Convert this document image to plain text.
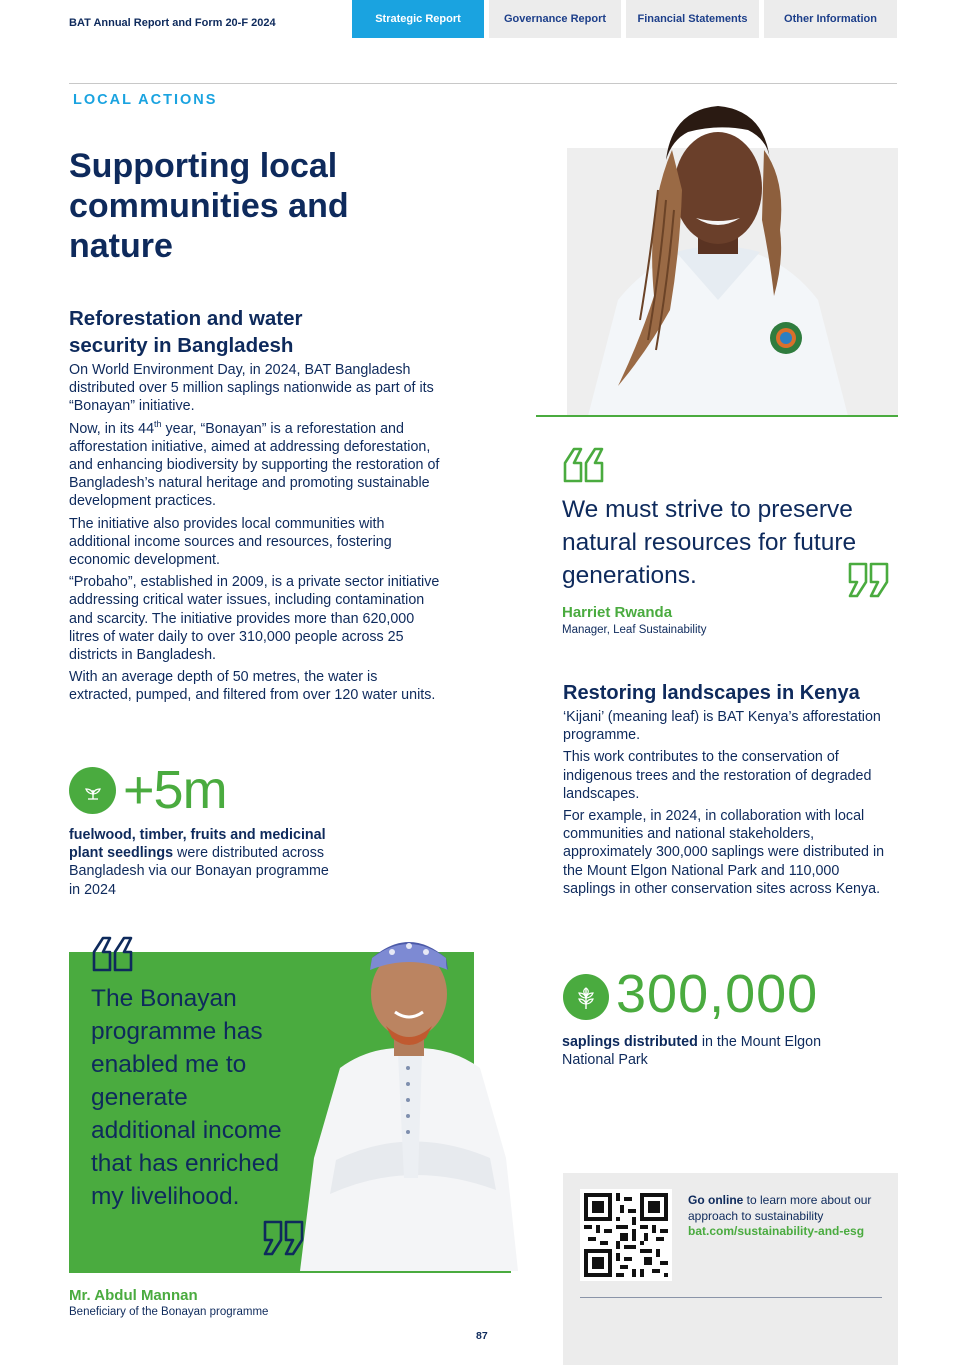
BAT Annual Report and Form 20-F 2024	Strategic Report	Governance Report	Financial Statements	Other Information
LOCAL ACTIONS
Supporting local communities and nature
Reforestation and water security in Bangladesh

On World Environment Day, in 2024, BAT Bangladesh distributed over 5 million saplings nationwide as part of its “Bonayan” initiative.

Now, in its 44th year, “Bonayan” is a reforestation and afforestation initiative, aimed at addressing deforestation, and enhancing biodiversity by supporting the restoration of Bangladesh’s natural heritage and promoting sustainable development practices.

The initiative also provides local communities with additional income sources and resources, fostering economic development.

“Probaho”, established in 2009, is a private sector initiative addressing critical water issues, including contamination and scarcity. The initiative provides more than 620,000 litres of water daily to over 310,000 people across 25 districts in Bangladesh.

With an average depth of 50 metres, the water is extracted, pumped, and filtered from over 120 water units.

+5m
fuelwood, timber, fruits and medicinal plant seedlings were distributed across Bangladesh via our Bonayan programme in 2024
The Bonayan programme has enabled me to generate additional income that has enriched my livelihood.
Mr. Abdul Mannan
Beneficiary of the Bonayan programme
We must strive to preserve natural resources for future generations.
Harriet Rwanda
Manager, Leaf Sustainability
Restoring landscapes in Kenya

‘Kijani’ (meaning leaf) is BAT Kenya’s afforestation programme.

This work contributes to the conservation of indigenous trees and the restoration of degraded landscapes.

For example, in 2024, in collaboration with local communities and national stakeholders, approximately 300,000 saplings were distributed in the Mount Elgon National Park and 110,000 saplings in other conservation sites across Kenya.

300,000
saplings distributed in the Mount Elgon National Park
Go online to learn more about our approach to sustainability
bat.com/sustainability-and-esg
87
